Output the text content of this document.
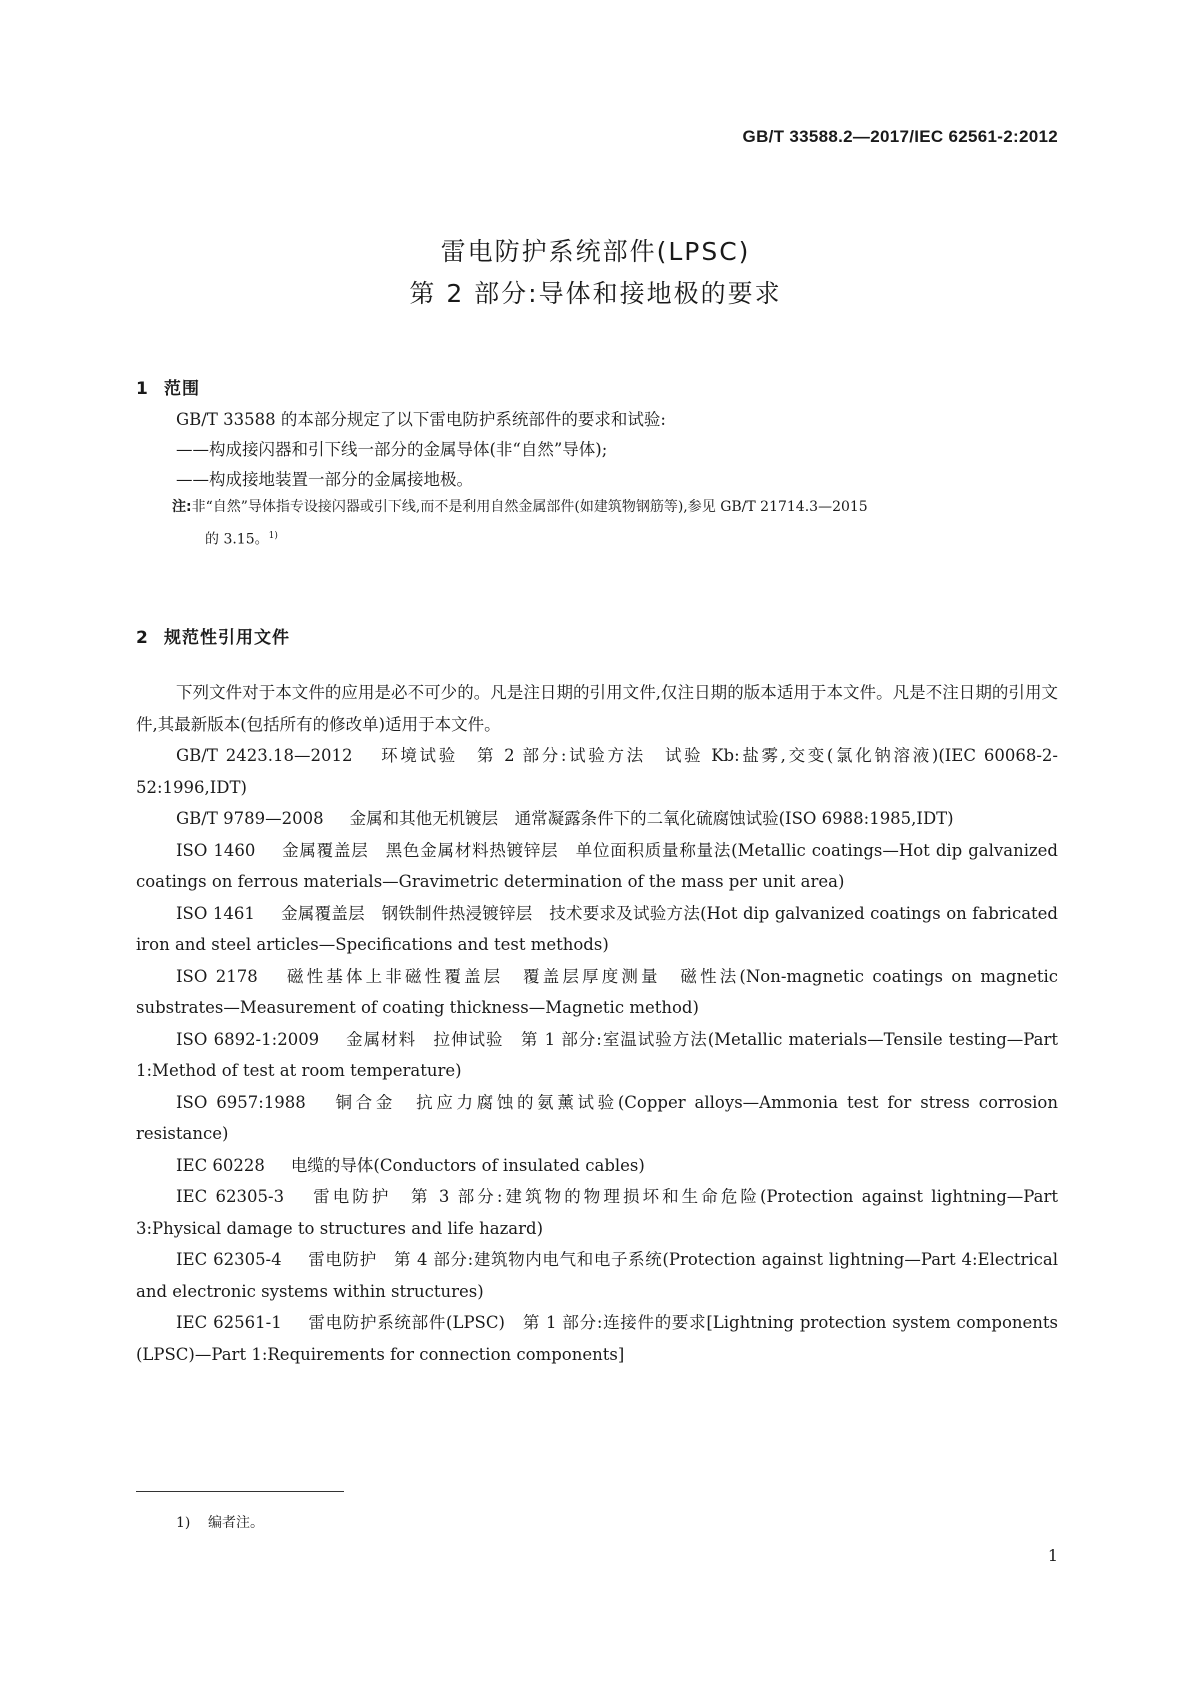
GB/T 33588.2—2017/IEC 62561-2:2012
雷电防护系统部件(LPSC)
第 2 部分:导体和接地极的要求
1 范围
GB/T 33588 的本部分规定了以下雷电防护系统部件的要求和试验:
——构成接闪器和引下线一部分的金属导体(非“自然”导体);
——构成接地装置一部分的金属接地极。
注:非“自然”导体指专设接闪器或引下线,而不是利用自然金属部件(如建筑物钢筋等),参见 GB/T 21714.3—2015
的 3.15。$^{1)}$
2 规范性引用文件

下列文件对于本文件的应用是必不可少的。凡是注日期的引用文件,仅注日期的版本适用于本文件。凡是不注日期的引用文件,其最新版本(包括所有的修改单)适用于本文件。

GB/T 2423.18—2012 环境试验　第 2 部分:试验方法　试验 Kb:盐雾,交变(氯化钠溶液)(IEC 60068-2-52:1996,IDT)

GB/T 9789—2008 金属和其他无机镀层　通常凝露条件下的二氧化硫腐蚀试验(ISO 6988:1985,IDT)

ISO 1460 金属覆盖层　黑色金属材料热镀锌层　单位面积质量称量法(Metallic coatings—Hot dip galvanized coatings on ferrous materials—Gravimetric determination of the mass per unit area)

ISO 1461 金属覆盖层　钢铁制件热浸镀锌层　技术要求及试验方法(Hot dip galvanized coatings on fabricated iron and steel articles—Specifications and test methods)

ISO 2178 磁性基体上非磁性覆盖层　覆盖层厚度测量　磁性法(Non-magnetic coatings on magnetic substrates—Measurement of coating thickness—Magnetic method)

ISO 6892-1:2009 金属材料　拉伸试验　第 1 部分:室温试验方法(Metallic materials—Tensile testing—Part 1:Method of test at room temperature)

ISO 6957:1988 铜合金　抗应力腐蚀的氨薰试验(Copper alloys—Ammonia test for stress corrosion resistance)

IEC 60228 电缆的导体(Conductors of insulated cables)

IEC 62305-3 雷电防护　第 3 部分:建筑物的物理损坏和生命危险(Protection against lightning—Part 3:Physical damage to structures and life hazard)

IEC 62305-4 雷电防护　第 4 部分:建筑物内电气和电子系统(Protection against lightning—Part 4:Electrical and electronic systems within structures)

IEC 62561-1 雷电防护系统部件(LPSC)　第 1 部分:连接件的要求[Lightning protection system components (LPSC)—Part 1:Requirements for connection components]

1) 编者注。
1
